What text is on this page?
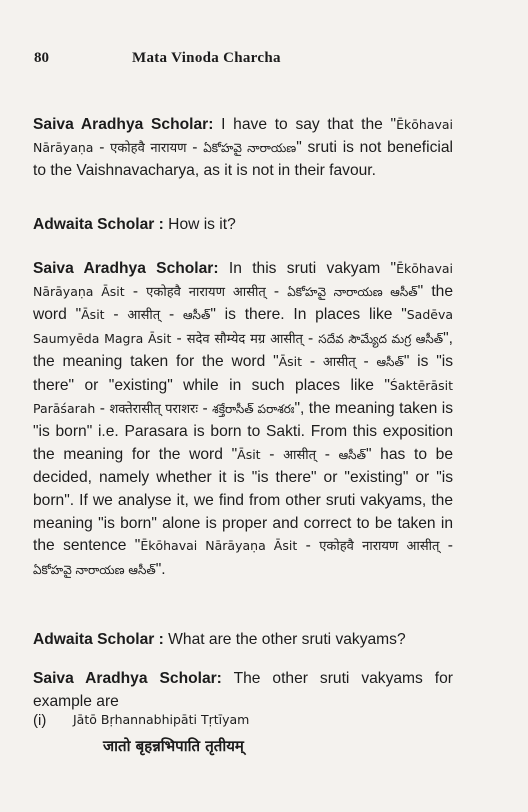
80	Mata Vinoda Charcha
Saiva Aradhya Scholar: I have to say that the "Ēkōhavai Nārāyaṇa - एकोहवै नारायण - ఏకోహవై నారాయణ" sruti is not beneficial to the Vaishnavacharya, as it is not in their favour.
Adwaita Scholar : How is it?
Saiva Aradhya Scholar: In this sruti vakyam "Ēkōhavai Nārāyaṇa Āsit - एकोहवै नारायण आसीत् - ఏకోహవై నారాయణ ఆసీత్" the word "Āsit - आसीत् - ఆసీత్" is there. In places like "Sadēva Saumyēda Magra Āsit - सदेव सौम्येद मग्र आसीत् - సదేవ సౌమ్యేద మగ్ర ఆసీత్", the meaning taken for the word "Āsit - आसीत् - ఆసీత్" is "is there" or "existing" while in such places like "Śaktērāsit Parāśarah - शक्तेरासीत् पराशरः - శక్తేరాసీత్ పరాశరః", the meaning taken is "is born" i.e. Parasara is born to Sakti. From this exposition the meaning for the word "Āsit - आसीत् - ఆసీత్" has to be decided, namely whether it is "is there" or "existing" or "is born". If we analyse it, we find from other sruti vakyams, the meaning "is born" alone is proper and correct to be taken in the sentence "Ēkōhavai Nārāyaṇa Āsit - एकोहवै नारायण आसीत् - ఏకోహవై నారాయణ ఆసీత్".
Adwaita Scholar : What are the other sruti vakyams?
Saiva Aradhya Scholar: The other sruti vakyams for example are
(i) Jātō Bṛhannabhipāti Tṛtīyam
जातो बृहन्नभिपाति तृतीयम्
